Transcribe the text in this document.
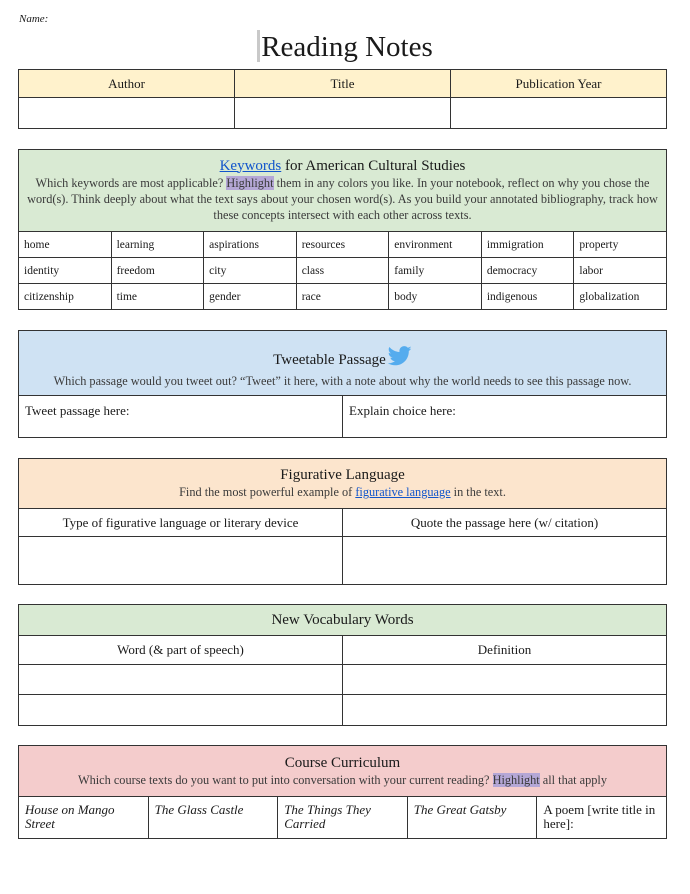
Name:
Reading Notes
Author	Title	Publication Year

Keywords for American Cultural Studies
Which keywords are most applicable? Highlight them in any colors you like. In your notebook, reflect on why you chose the word(s). Think deeply about what the text says about your chosen word(s). As you build your annotated bibliography, track how these concepts intersect with each other across texts.						

home	learning	aspirations	resources	environment	immigration	property
identity	freedom	city	class	family	democracy	labor
citizenship	time	gender	race	body	indigenous	globalization
Tweetable Passage
Which passage would you tweet out? “Tweet” it here, with a note about why the world needs to see this passage now.

Tweet passage here:	Explain choice here:
Figurative Language
Find the most powerful example of figurative language in the text.	

Type of figurative language or literary device	Quote the passage here (w/ citation)

New Vocabulary Words	

Word (& part of speech)	Definition

Course Curriculum
Which course texts do you want to put into conversation with your current reading? Highlight all that apply

House on Mango Street	The Glass Castle	The Things They Carried	The Great Gatsby	A poem [write title in here]:
